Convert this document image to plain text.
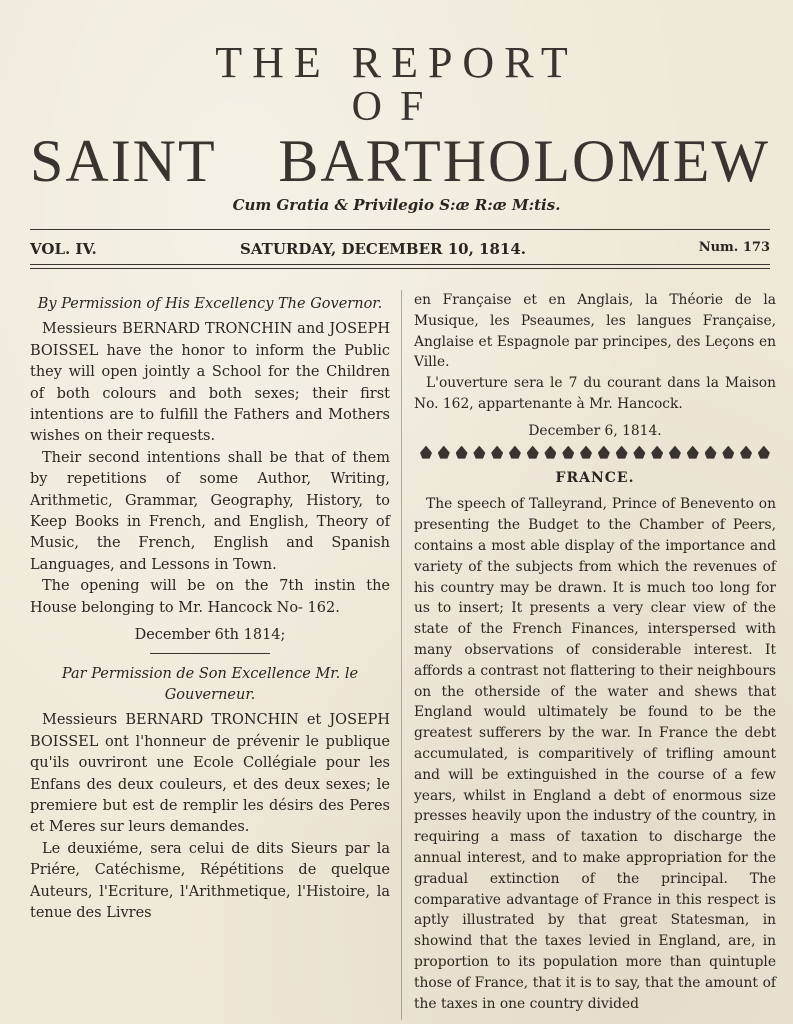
THE REPORT
OF
SAINT BARTHOLOMEW
Cum Gratia & Privilegio S:æ R:æ M:tis.
VOL. IV.	SATURDAY, DECEMBER 10, 1814.	Num. 173

By Permission of His Excellency The Governor.

Messieurs BERNARD TRONCHIN and JOSEPH BOISSEL have the honor to inform the Public they will open jointly a School for the Children of both colours and both sexes; their first intentions are to fulfill the Fathers and Mothers wishes on their requests.

Their second intentions shall be that of them by repetitions of some Author, Writing, Arithmetic, Grammar, Geography, History, to Keep Books in French, and English, Theory of Music, the French, English and Spanish Languages, and Lessons in Town.

The opening will be on the 7th instin the House belonging to Mr. Hancock No- 162.

December 6th 1814;

Par Permission de Son Excellence Mr. le Gouverneur.

Messieurs BERNARD TRONCHIN et JOSEPH BOISSEL ont l'honneur de prévenir le publique qu'ils ouvriront une Ecole Collégiale pour les Enfans des deux couleurs, et des deux sexes; le premiere but est de remplir les désirs des Peres et Meres sur leurs demandes.

Le deuxiéme, sera celui de dits Sieurs par la Priére, Catéchisme, Répétitions de quelque Auteurs, l'Ecriture, l'Arithmetique, l'Histoire, la tenue des Livres

en Française et en Anglais, la Théorie de la Musique, les Pseaumes, les langues Française, Anglaise et Espagnole par principes, des Leçons en Ville.

L'ouverture sera le 7 du courant dans la Maison No. 162, appartenante à Mr. Hancock.

December 6, 1814.

FRANCE.

The speech of Talleyrand, Prince of Benevento on presenting the Budget to the Chamber of Peers, contains a most able display of the importance and variety of the subjects from which the revenues of his country may be drawn. It is much too long for us to insert; It presents a very clear view of the state of the French Finances, interspersed with many observations of considerable interest. It affords a contrast not flattering to their neighbours on the otherside of the water and shews that England would ultimately be found to be the greatest sufferers by the war. In France the debt accumulated, is comparitively of trifling amount and will be extinguished in the course of a few years, whilst in England a debt of enormous size presses heavily upon the industry of the country, in requiring a mass of taxation to discharge the annual interest, and to make appropriation for the gradual extinction of the principal. The comparative advantage of France in this respect is aptly illustrated by that great Statesman, in showind that the taxes levied in England, are, in proportion to its population more than quintuple those of France, that it is to say, that the amount of the taxes in one country divided
